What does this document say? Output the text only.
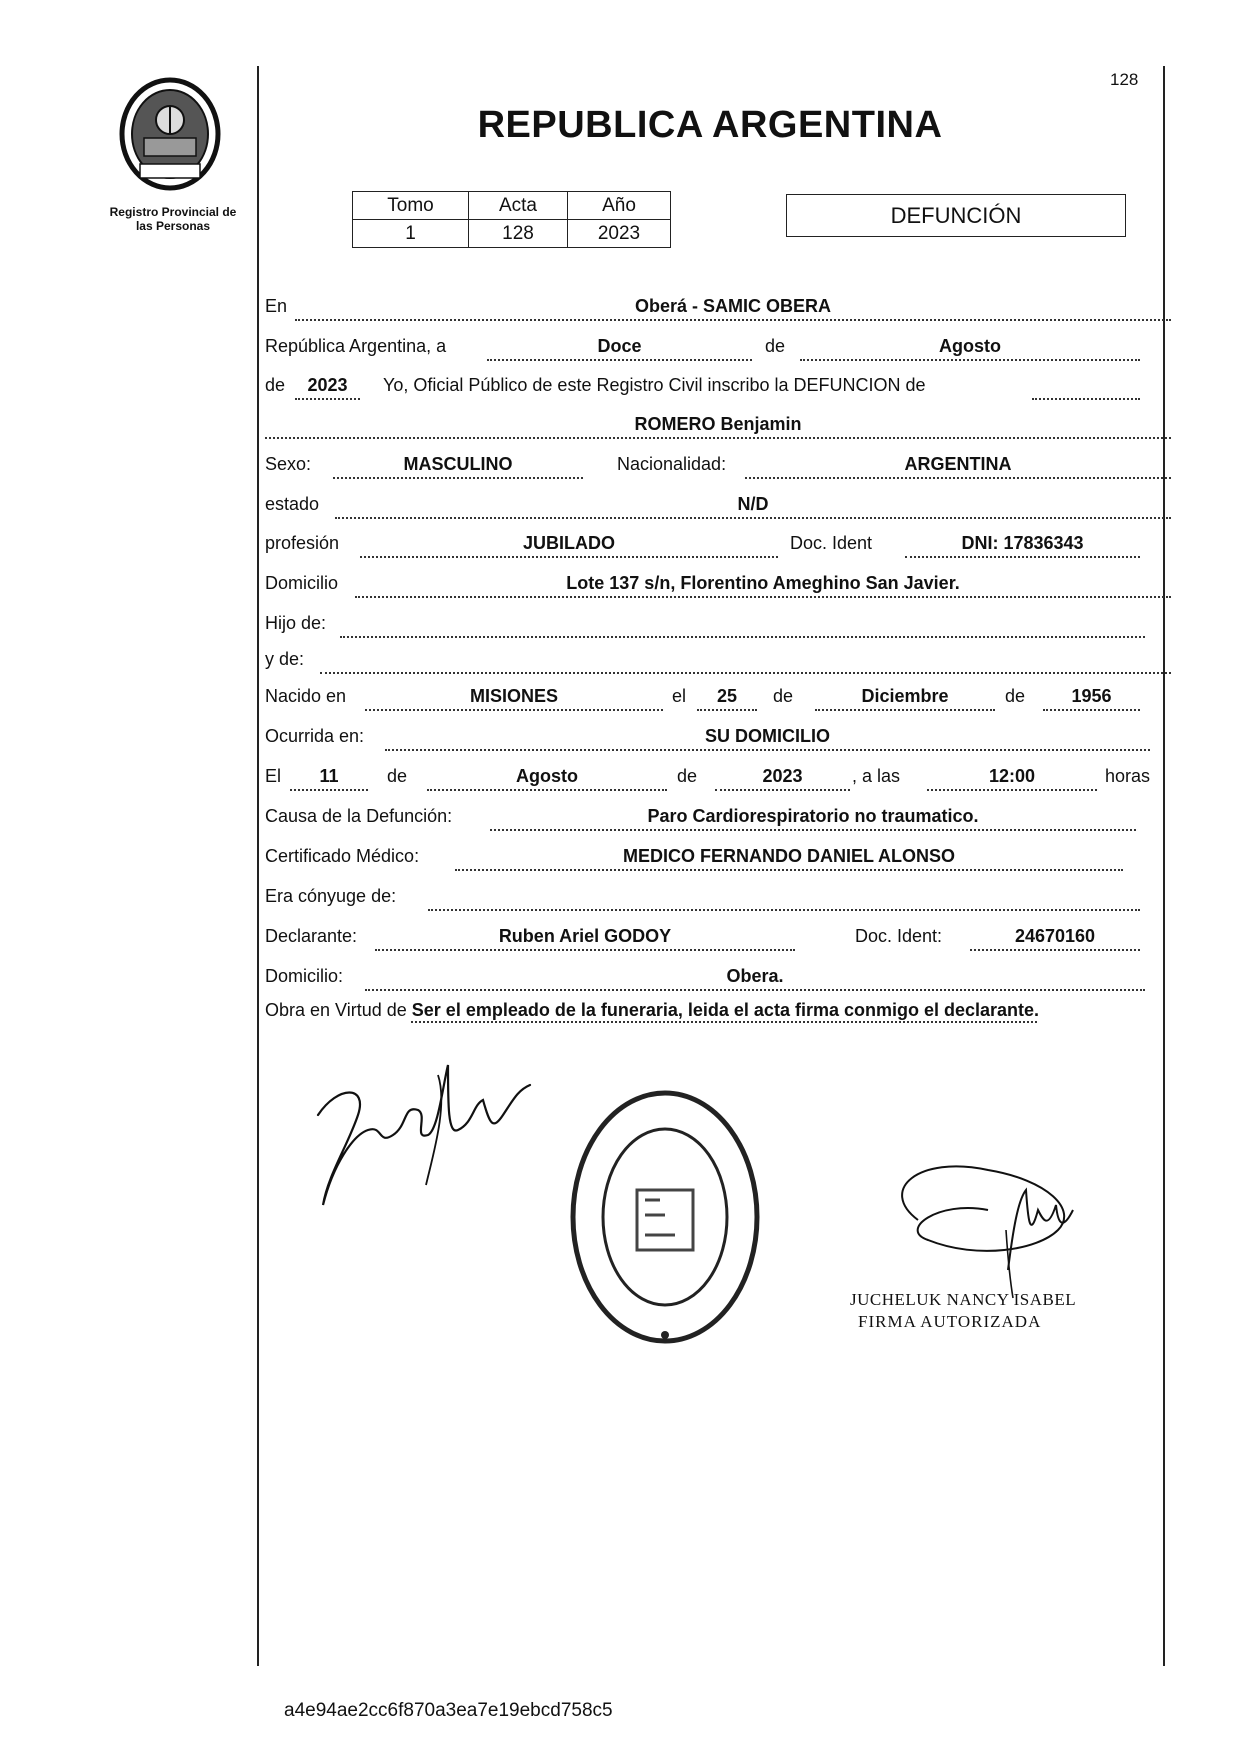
Registro Provincial de
las Personas
128
REPUBLICA ARGENTINA
Tomo	Acta	Año
1	128	2023
DEFUNCIÓN
En	Oberá - SAMIC OBERA
República Argentina, a	Doce	de	Agosto
de	2023	Yo, Oficial Público de este Registro Civil inscribo la DEFUNCION de
ROMERO Benjamin
Sexo:	MASCULINO	Nacionalidad:	ARGENTINA
estado	N/D
profesión	JUBILADO	Doc. Ident	DNI: 17836343
Domicilio	Lote 137 s/n, Florentino Ameghino San Javier.
Hijo de:
y de:
Nacido en	MISIONES	el	25	de	Diciembre	de	1956
Ocurrida en:	SU DOMICILIO
El	11	de	Agosto	de	2023	, a las	12:00	horas
Causa de la Defunción:	Paro Cardiorespiratorio no traumatico.
Certificado Médico:	MEDICO FERNANDO DANIEL ALONSO
Era cónyuge de:
Declarante:	Ruben Ariel GODOY	Doc. Ident:	24670160
Domicilio:	Obera.
Obra en Virtud de Ser el empleado de la funeraria, leida el acta firma conmigo el declarante.
JUCHELUK NANCY ISABEL
FIRMA AUTORIZADA
a4e94ae2cc6f870a3ea7e19ebcd758c5
